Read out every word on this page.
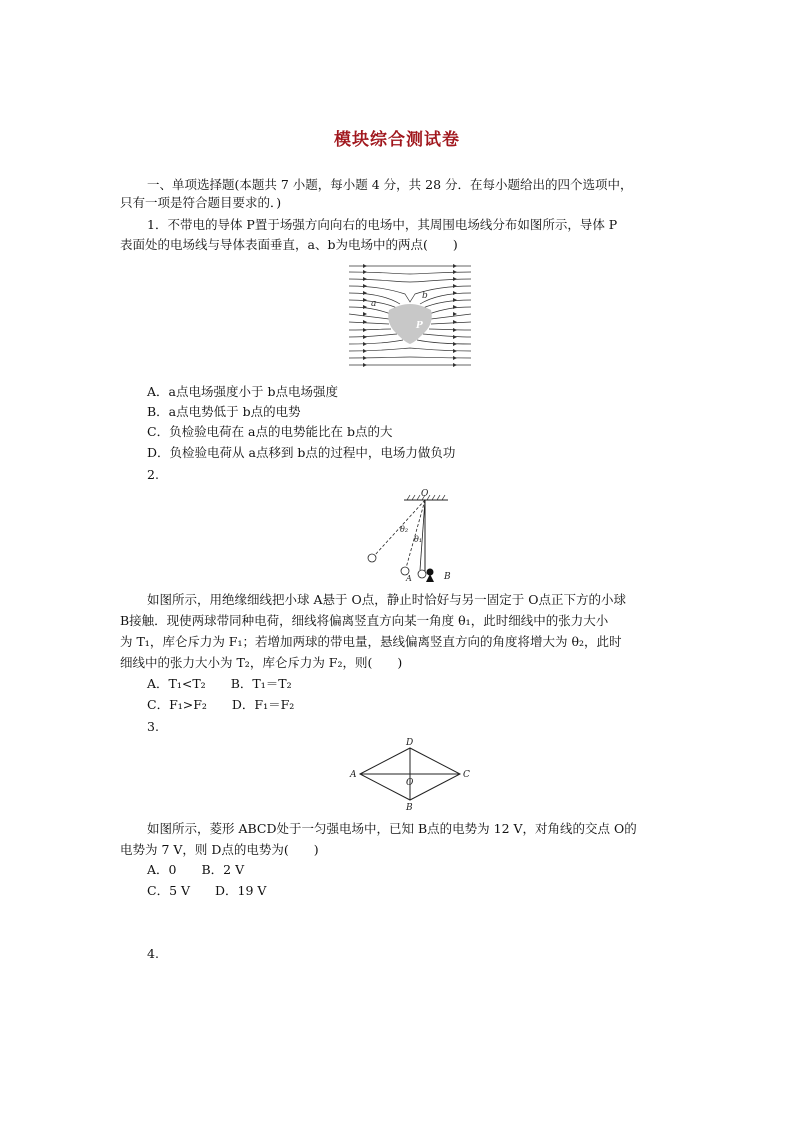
模块综合测试卷
一、单项选择题(本题共 7 小题，每小题 4 分，共 28 分．在每小题给出的四个选项中，
只有一项是符合题目要求的．)
1．不带电的导体 P置于场强方向向右的电场中，其周围电场线分布如图所示，导体 P
表面处的电场线与导体表面垂直，a、b为电场中的两点(　　)
P
a
b
A．a点电场强度小于 b点电场强度
B．a点电势低于 b点的电势
C．负检验电荷在 a点的电势能比在 b点的大
D．负检验电荷从 a点移到 b点的过程中，电场力做负功
2.
O
θ₂
θ₁
A	B
如图所示，用绝缘细线把小球 A悬于 O点，静止时恰好与另一固定于 O点正下方的小球
B接触．现使两球带同种电荷，细线将偏离竖直方向某一角度 θ₁，此时细线中的张力大小
为 T₁，库仑斥力为 F₁；若增加两球的带电量，悬线偏离竖直方向的角度将增大为 θ₂，此时
细线中的张力大小为 T₂，库仑斥力为 F₂，则(　　)
A．T₁<T₂　　B．T₁＝T₂
C．F₁>F₂　　D．F₁＝F₂
3.
D
A	C
B
O
如图所示，菱形 ABCD处于一匀强电场中，已知 B点的电势为 12 V，对角线的交点 O的
电势为 7 V，则 D点的电势为(　　)
A．0　　B．2 V
C．5 V　　D．19 V
4.
